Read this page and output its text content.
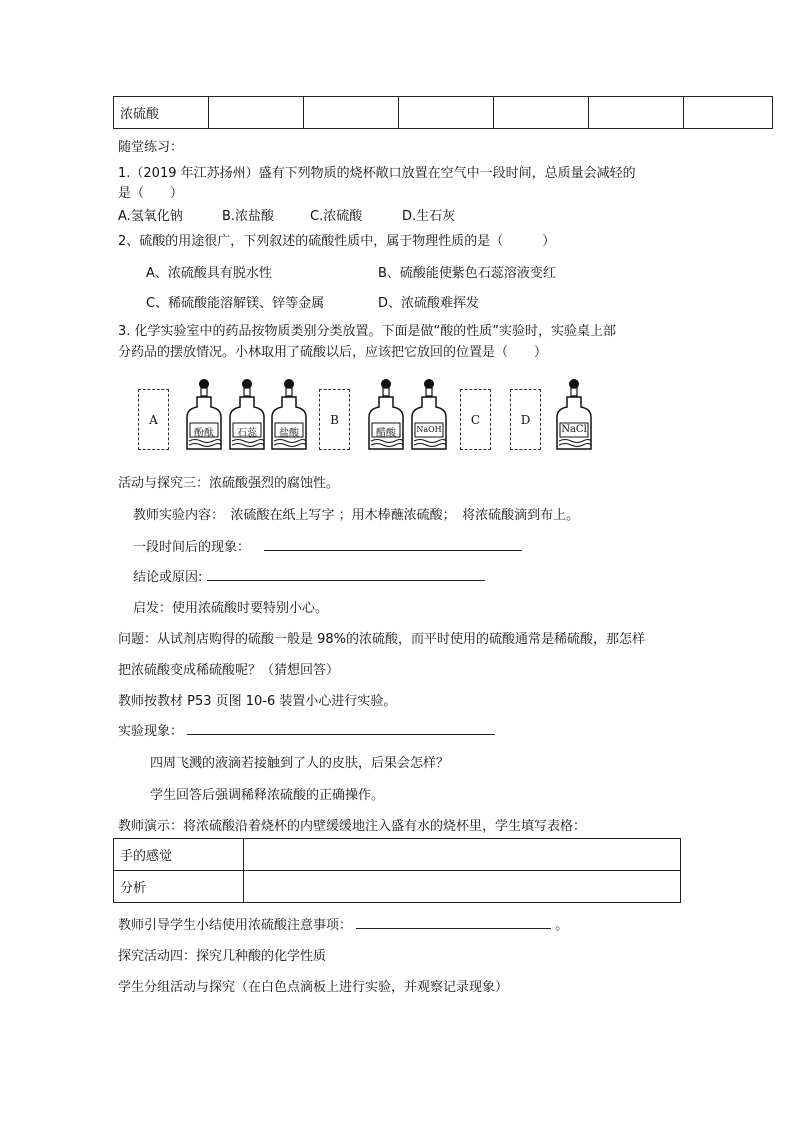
浓硫酸						
随堂练习：
1.（2019 年江苏扬州）盛有下列物质的烧杯敞口放置在空气中一段时间，总质量会减轻的
是（　　）
A.氢氧化钠	B.浓盐酸	C.浓硫酸	D.生石灰
2、硫酸的用途很广，下列叙述的硫酸性质中，属于物理性质的是（　　　）
A、浓硫酸具有脱水性	B、硫酸能使紫色石蕊溶液变红
C、稀硫酸能溶解镁、锌等金属	D、浓硫酸难挥发
3. 化学实验室中的药品按物质类别分类放置。下面是做“酸的性质”实验时，实验桌上部
分药品的摆放情况。小林取用了硫酸以后，应该把它放回的位置是（　　）
A	B	C	D
酚酞	石蕊	盐酸	醋酸	NaOH	NaCl
活动与探究三：浓硫酸强烈的腐蚀性。
教师实验内容：　浓硫酸在纸上写字 ；用木棒蘸浓硫酸；　将浓硫酸滴到布上。
一段时间后的现象：
结论或原因:
启发：使用浓硫酸时要特别小心。
问题：从试剂店购得的硫酸一般是 98%的浓硫酸，而平时使用的硫酸通常是稀硫酸，那怎样
把浓硫酸变成稀硫酸呢？（猜想回答）
教师按教材 P53 页图 10-6 装置小心进行实验。
实验现象：
四周飞溅的液滴若接触到了人的皮肤，后果会怎样？
学生回答后强调稀释浓硫酸的正确操作。
教师演示：将浓硫酸沿着烧杯的内壁缓缓地注入盛有水的烧杯里，学生填写表格：
手的感觉	
分析	
教师引导学生小结使用浓硫酸注意事项：	。
探究活动四：探究几种酸的化学性质
学生分组活动与探究（在白色点滴板上进行实验，并观察记录现象）
